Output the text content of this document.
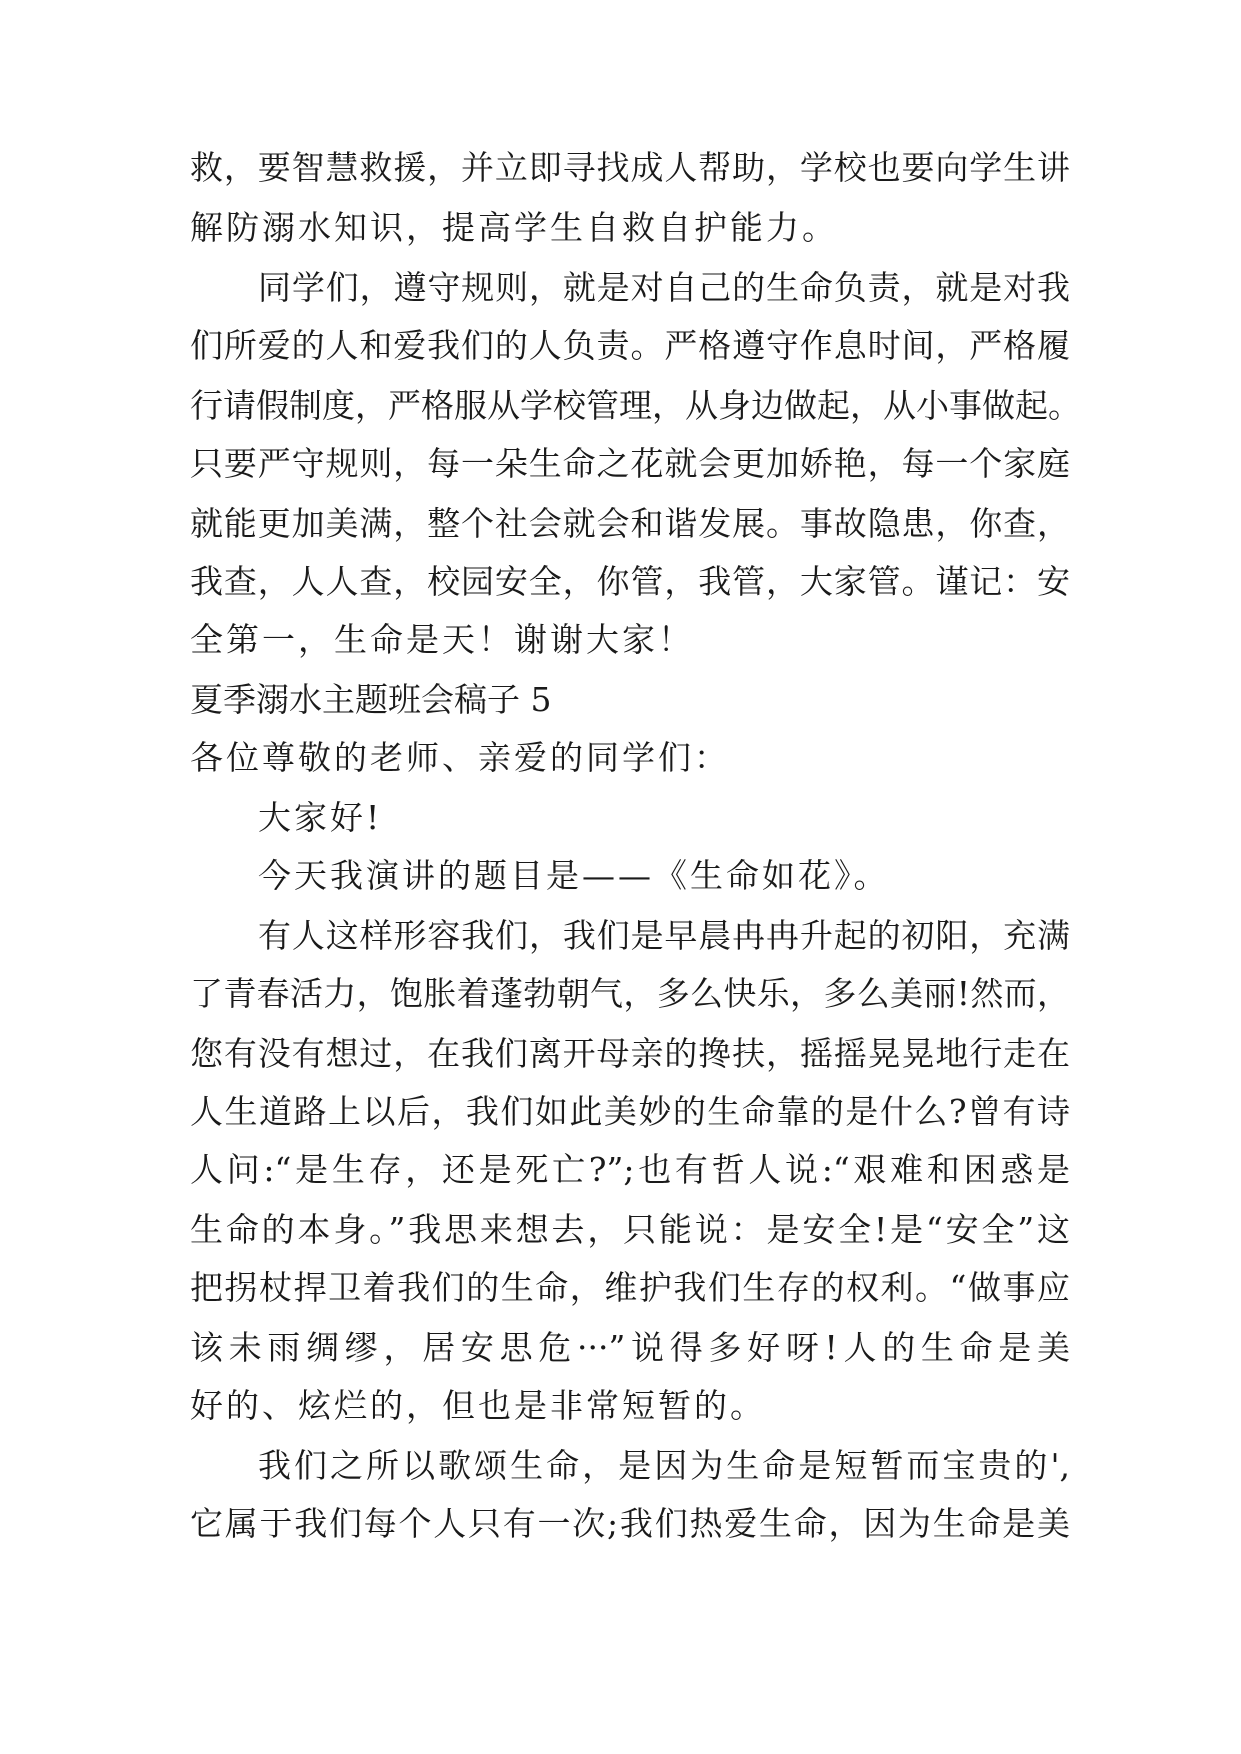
救，要智慧救援，并立即寻找成人帮助，学校也要向学生讲
解防溺水知识，提高学生自救自护能力。
同学们，遵守规则，就是对自己的生命负责，就是对我
们所爱的人和爱我们的人负责。严格遵守作息时间，严格履
行请假制度，严格服从学校管理，从身边做起，从小事做起。
只要严守规则，每一朵生命之花就会更加娇艳，每一个家庭
就能更加美满，整个社会就会和谐发展。事故隐患，你查，
我查，人人查，校园安全，你管，我管，大家管。谨记：安
全第一，生命是天！谢谢大家！
夏季溺水主题班会稿子 5
各位尊敬的老师、亲爱的同学们：
大家好!
今天我演讲的题目是——《生命如花》。
有人这样形容我们，我们是早晨冉冉升起的初阳，充满
了青春活力，饱胀着蓬勃朝气，多么快乐，多么美丽!然而，
您有没有想过，在我们离开母亲的搀扶，摇摇晃晃地行走在
人生道路上以后，我们如此美妙的生命靠的是什么?曾有诗
人问:“是生存，还是死亡?”;也有哲人说:“艰难和困惑是
生命的本身。”我思来想去，只能说：是安全!是“安全”这
把拐杖捍卫着我们的生命，维护我们生存的权利。“做事应
该未雨绸缪，居安思危···”说得多好呀!人的生命是美
好的、炫烂的，但也是非常短暂的。
我们之所以歌颂生命，是因为生命是短暂而宝贵的',
它属于我们每个人只有一次;我们热爱生命，因为生命是美
